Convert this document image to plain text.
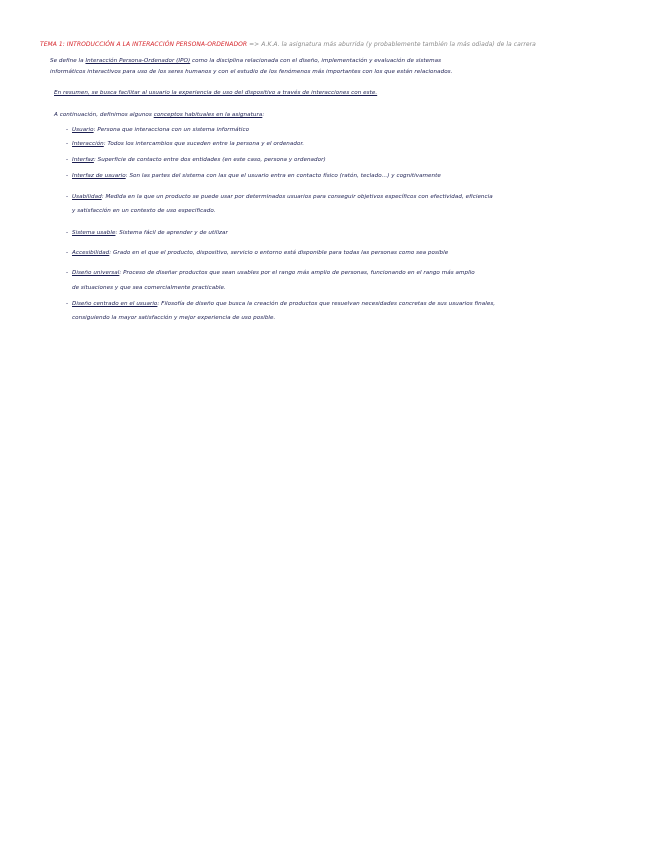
TEMA 1: INTRODUCCIÓN A LA INTERACCIÓN PERSONA-ORDENADOR => A.K.A. la asignatura más aburrida (y probablemente también la más odiada) de la carrera
Se define la Interacción Persona-Ordenador (IPO) como la disciplina relacionada con el diseño, implementación y evaluación de sistemas
informáticos interactivos para uso de los seres humanos y con el estudio de los fenómenos más importantes con los que están relacionados.
En resumen, se busca facilitar al usuario la experiencia de uso del dispositivo a través de interacciones con este.
A continuación, definimos algunos conceptos habituales en la asignatura:
- Usuario: Persona que interacciona con un sistema informático
- Interacción: Todos los intercambios que suceden entre la persona y el ordenador.
- Interfaz: Superficie de contacto entre dos entidades (en este caso, persona y ordenador)
- Interfaz de usuario: Son las partes del sistema con las que el usuario entra en contacto físico (ratón, teclado...) y cognitivamente
- Usabilidad: Medida en la que un producto se puede usar por determinados usuarios para conseguir objetivos específicos con efectividad, eficiencia
y satisfacción en un contexto de uso especificado.
- Sistema usable: Sistema fácil de aprender y de utilizar
- Accesibilidad: Grado en el que el producto, dispositivo, servicio o entorno está disponible para todas las personas como sea posible
- Diseño universal: Proceso de diseñar productos que sean usables por el rango más amplio de personas, funcionando en el rango más amplio
de situaciones y que sea comercialmente practicable.
- Diseño centrado en el usuario: Filosofía de diseño que busca la creación de productos que resuelvan necesidades concretas de sus usuarios finales,
consiguiendo la mayor satisfacción y mejor experiencia de uso posible.
